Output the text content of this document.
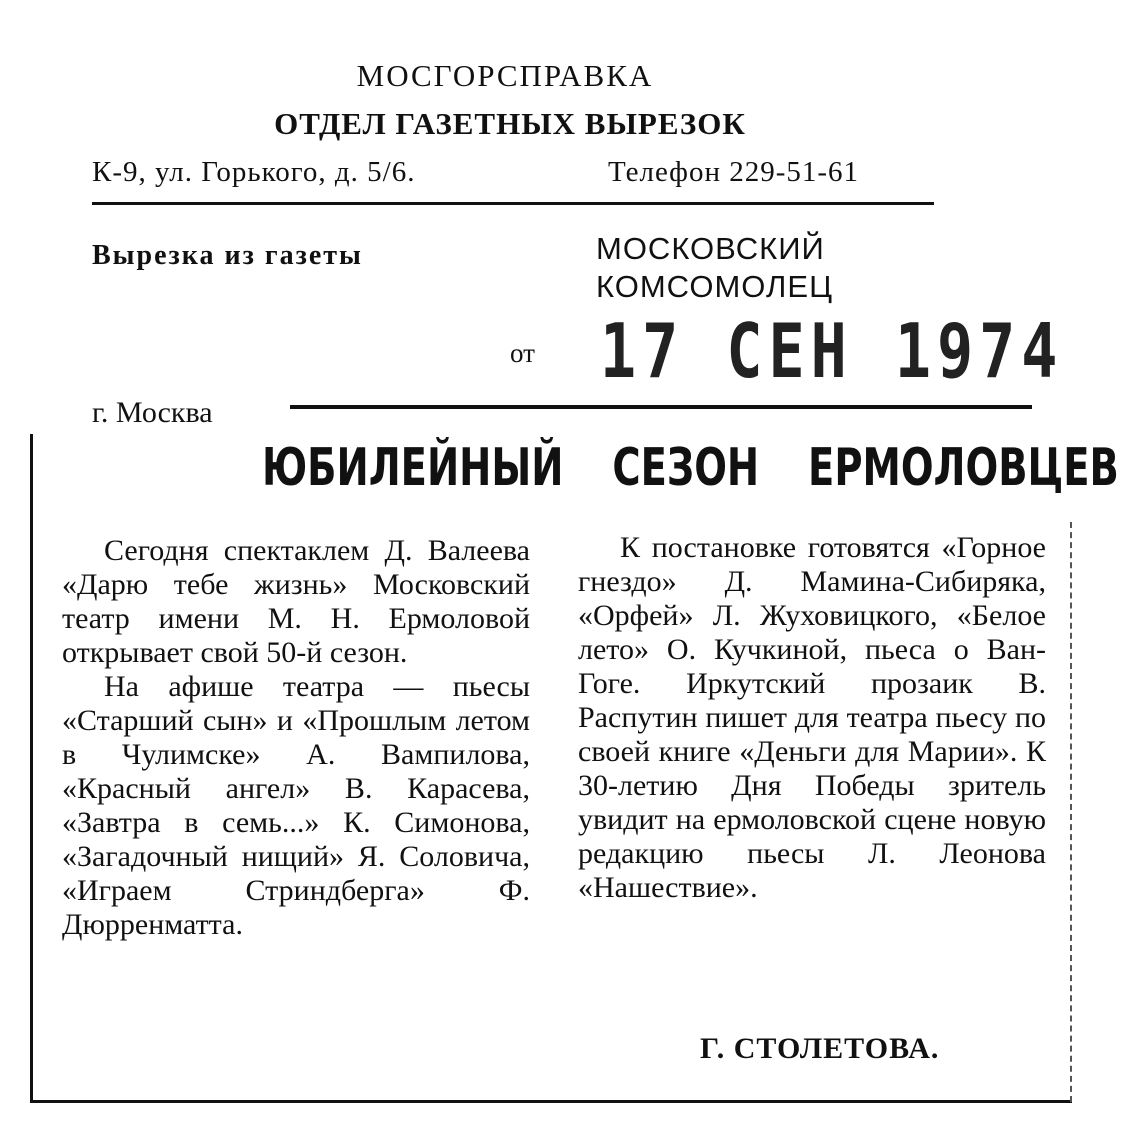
МОСГОРСПРАВКА
ОТДЕЛ ГАЗЕТНЫХ ВЫРЕЗОК
К-9, ул. Горького, д. 5/6.	Телефон 229-51-61
Вырезка из газеты	МОСКОВСКИЙ
КОМСОМОЛЕЦ
от 17 СЕН 1974
г. Москва
ЮБИЛЕЙНЫЙ СЕЗОН ЕРМОЛОВЦЕВ

Сегодня спектаклем Д. Валеева «Дарю тебе жизнь» Московский театр имени М. Н. Ермоловой открывает свой 50-й сезон.

На афише театра — пьесы «Старший сын» и «Прошлым летом в Чулимске» А. Вампилова, «Красный ангел» В. Карасева, «Завтра в семь...» К. Симонова, «Загадочный нищий» Я. Соловича, «Играем Стриндберга» Ф. Дюрренматта.

К постановке готовятся «Горное гнездо» Д. Мамина-Сибиряка, «Орфей» Л. Жуховицкого, «Белое лето» О. Кучкиной, пьеса о Ван-Гоге. Иркутский прозаик В. Распутин пишет для театра пьесу по своей книге «Деньги для Марии». К 30-летию Дня Победы зритель увидит на ермоловской сцене новую редакцию пьесы Л. Леонова «Нашествие».

Г. СТОЛЕТОВА.
